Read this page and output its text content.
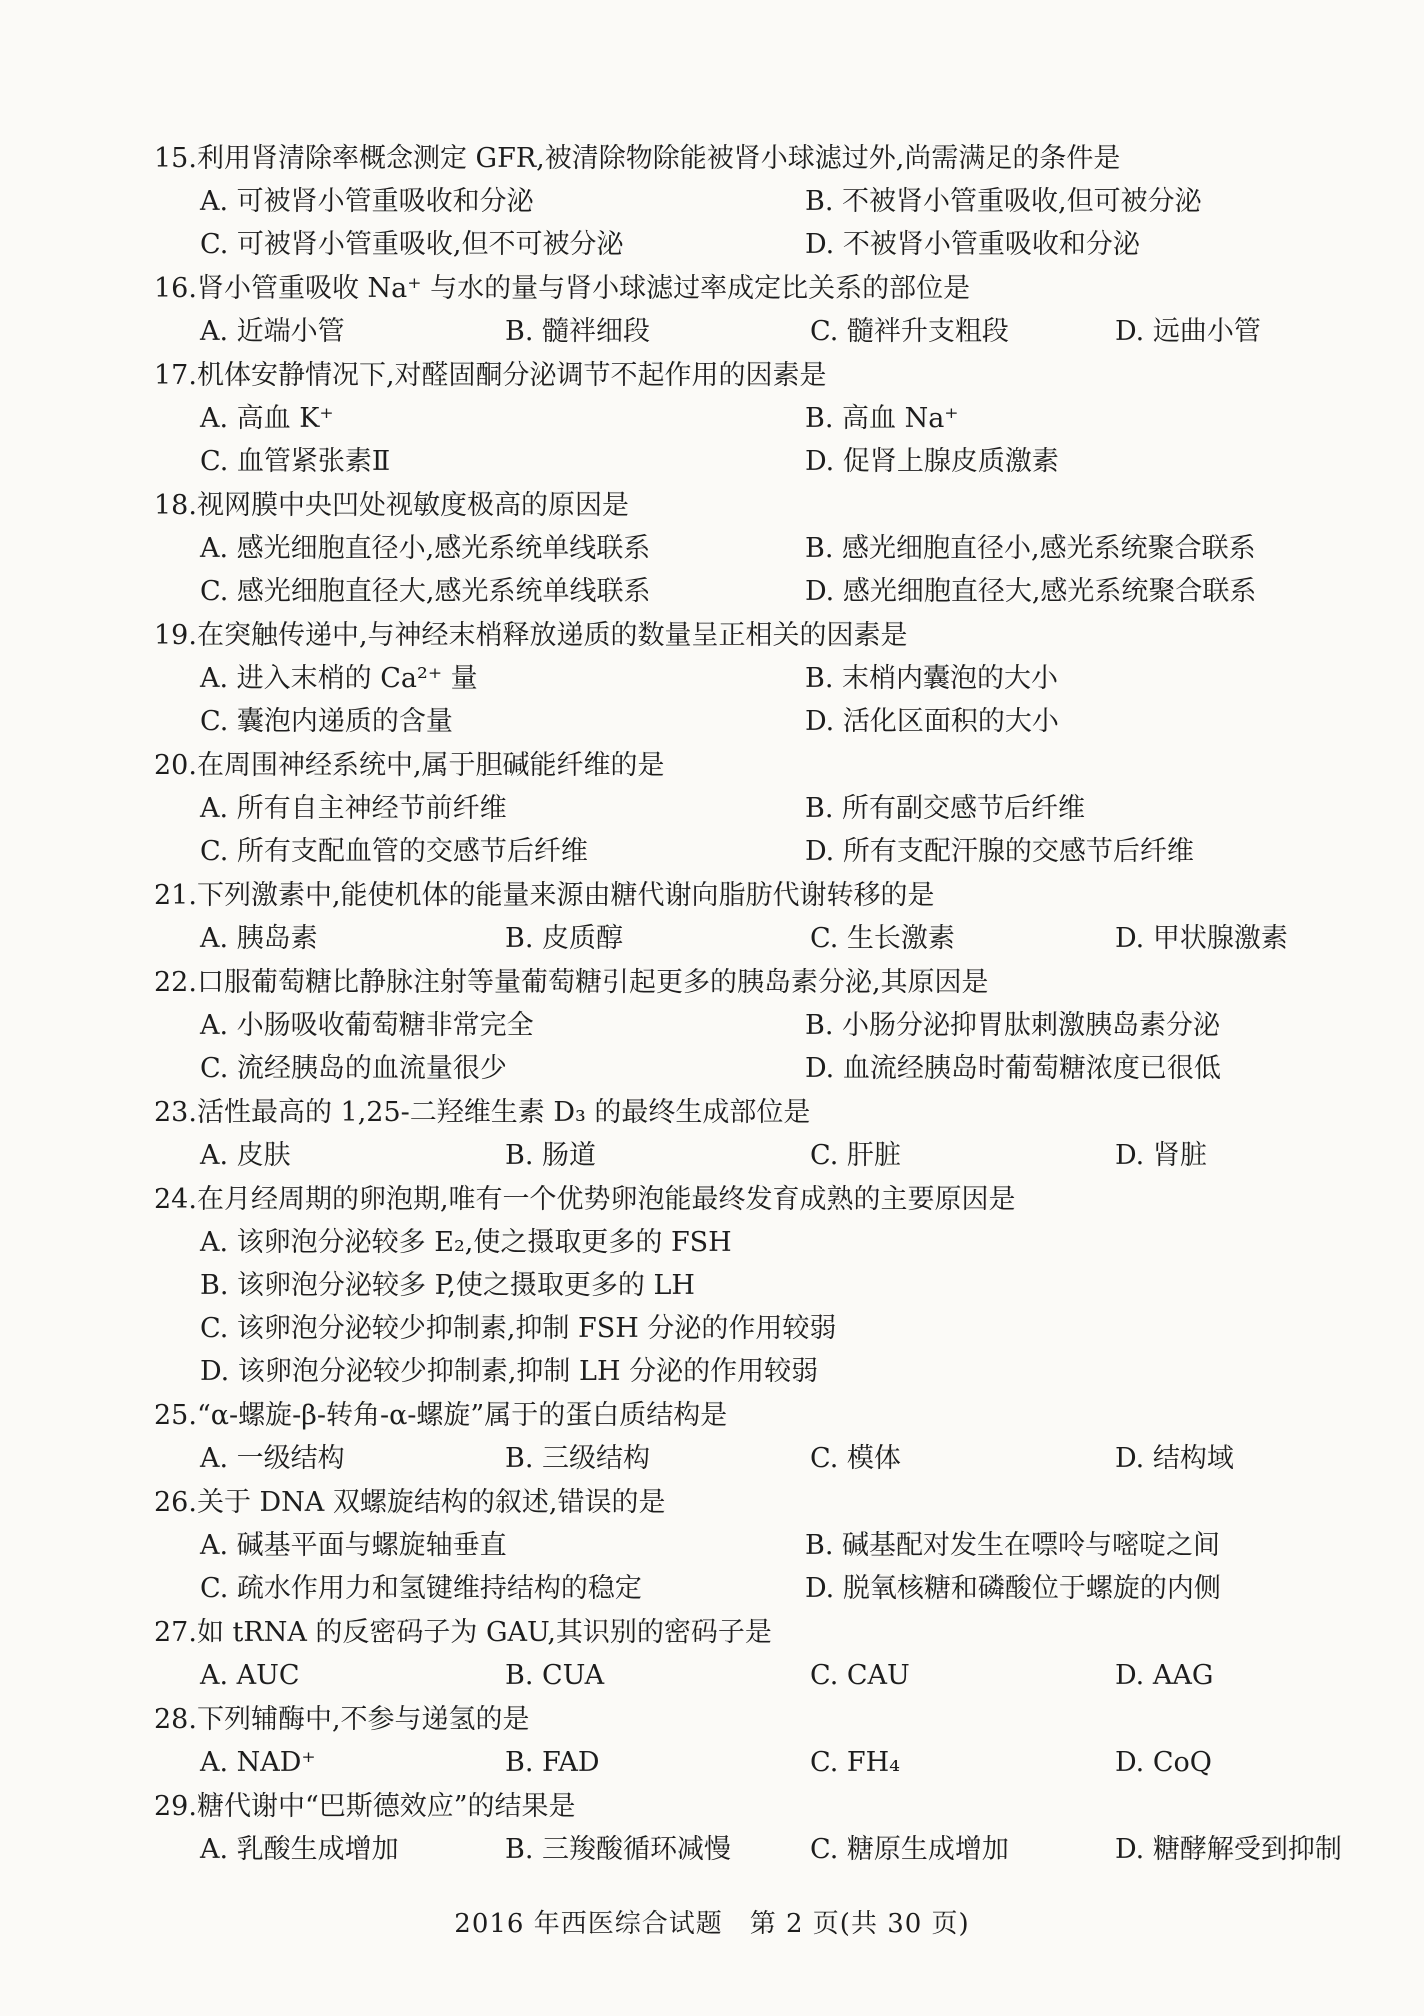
15.利用肾清除率概念测定 GFR,被清除物除能被肾小球滤过外,尚需满足的条件是
A. 可被肾小管重吸收和分泌	B. 不被肾小管重吸收,但可被分泌
C. 可被肾小管重吸收,但不可被分泌	D. 不被肾小管重吸收和分泌
16.肾小管重吸收 Na⁺ 与水的量与肾小球滤过率成定比关系的部位是
A. 近端小管	B. 髓袢细段	C. 髓袢升支粗段	D. 远曲小管
17.机体安静情况下,对醛固酮分泌调节不起作用的因素是
A. 高血 K⁺	B. 高血 Na⁺
C. 血管紧张素Ⅱ	D. 促肾上腺皮质激素
18.视网膜中央凹处视敏度极高的原因是
A. 感光细胞直径小,感光系统单线联系	B. 感光细胞直径小,感光系统聚合联系
C. 感光细胞直径大,感光系统单线联系	D. 感光细胞直径大,感光系统聚合联系
19.在突触传递中,与神经末梢释放递质的数量呈正相关的因素是
A. 进入末梢的 Ca²⁺ 量	B. 末梢内囊泡的大小
C. 囊泡内递质的含量	D. 活化区面积的大小
20.在周围神经系统中,属于胆碱能纤维的是
A. 所有自主神经节前纤维	B. 所有副交感节后纤维
C. 所有支配血管的交感节后纤维	D. 所有支配汗腺的交感节后纤维
21.下列激素中,能使机体的能量来源由糖代谢向脂肪代谢转移的是
A. 胰岛素	B. 皮质醇	C. 生长激素	D. 甲状腺激素
22.口服葡萄糖比静脉注射等量葡萄糖引起更多的胰岛素分泌,其原因是
A. 小肠吸收葡萄糖非常完全	B. 小肠分泌抑胃肽刺激胰岛素分泌
C. 流经胰岛的血流量很少	D. 血流经胰岛时葡萄糖浓度已很低
23.活性最高的 1,25-二羟维生素 D₃ 的最终生成部位是
A. 皮肤	B. 肠道	C. 肝脏	D. 肾脏
24.在月经周期的卵泡期,唯有一个优势卵泡能最终发育成熟的主要原因是
A. 该卵泡分泌较多 E₂,使之摄取更多的 FSH
B. 该卵泡分泌较多 P,使之摄取更多的 LH
C. 该卵泡分泌较少抑制素,抑制 FSH 分泌的作用较弱
D. 该卵泡分泌较少抑制素,抑制 LH 分泌的作用较弱
25.“α-螺旋-β-转角-α-螺旋”属于的蛋白质结构是
A. 一级结构	B. 三级结构	C. 模体	D. 结构域
26.关于 DNA 双螺旋结构的叙述,错误的是
A. 碱基平面与螺旋轴垂直	B. 碱基配对发生在嘌呤与嘧啶之间
C. 疏水作用力和氢键维持结构的稳定	D. 脱氧核糖和磷酸位于螺旋的内侧
27.如 tRNA 的反密码子为 GAU,其识别的密码子是
A. AUC	B. CUA	C. CAU	D. AAG
28.下列辅酶中,不参与递氢的是
A. NAD⁺	B. FAD	C. FH₄	D. CoQ
29.糖代谢中“巴斯德效应”的结果是
A. 乳酸生成增加	B. 三羧酸循环减慢	C. 糖原生成增加	D. 糖酵解受到抑制
2016 年西医综合试题　第 2 页(共 30 页)
